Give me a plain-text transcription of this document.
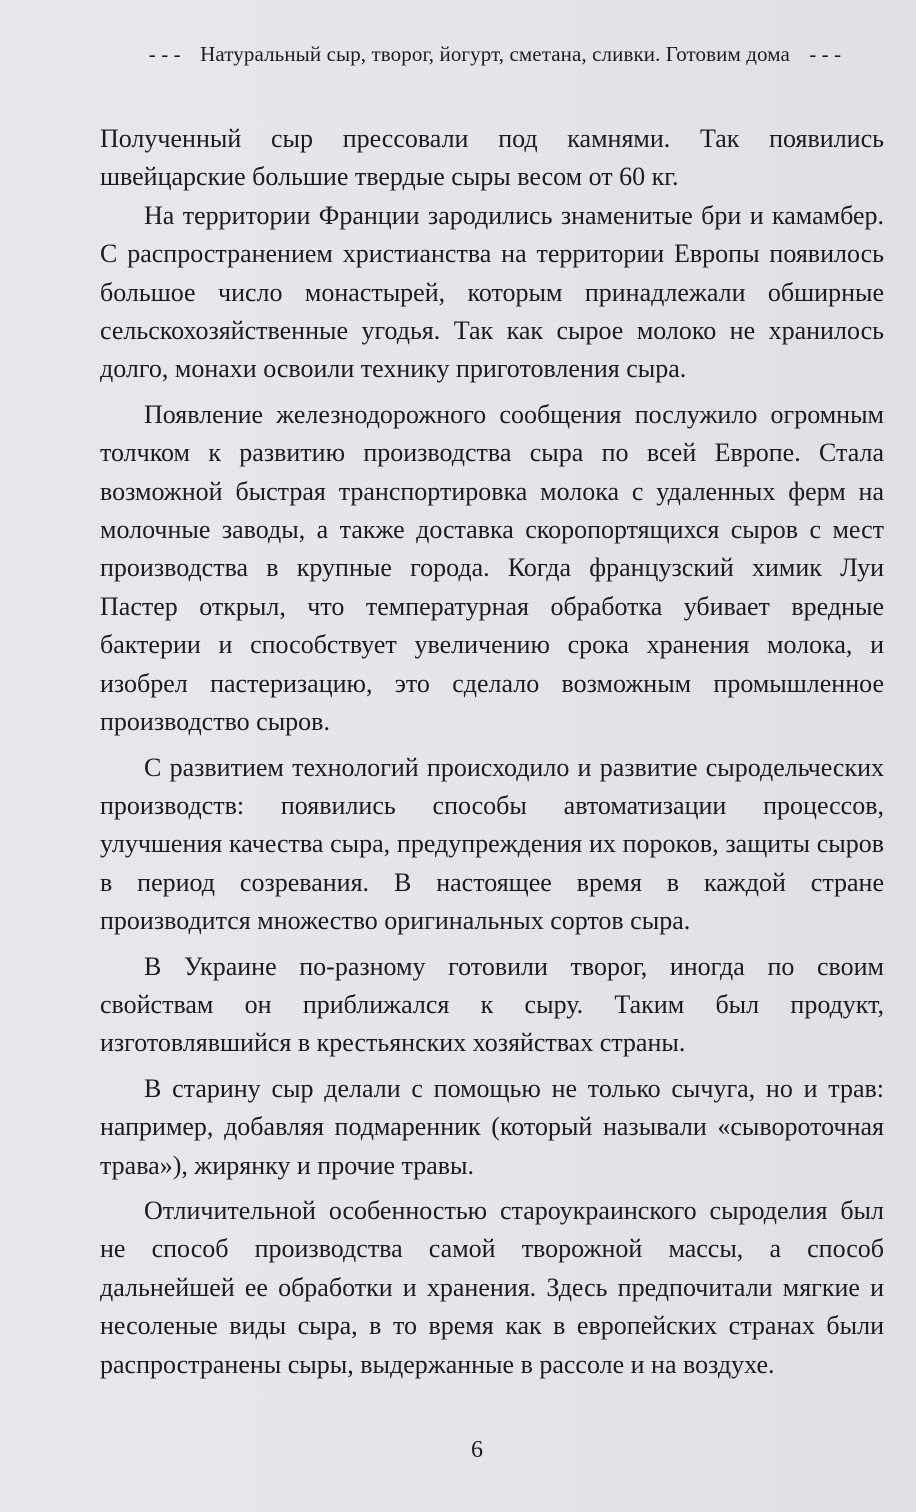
- - - Натуральный сыр, творог, йогурт, сметана, сливки. Готовим дома - - -

Полученный сыр прессовали под камнями. Так появились швейцарские большие твердые сыры весом от 60 кг.

На территории Франции зародились знаменитые бри и камамбер. С распространением христианства на территории Европы появилось большое число монастырей, которым принадлежали обширные сельскохозяйственные угодья. Так как сырое молоко не хранилось долго, монахи освоили технику приготовления сыра.

Появление железнодорожного сообщения послужило огромным толчком к развитию производства сыра по всей Европе. Стала возможной быстрая транспортировка молока с удаленных ферм на молочные заводы, а также доставка скоропортящихся сыров с мест производства в крупные города. Когда французский химик Луи Пастер открыл, что температурная обработка убивает вредные бактерии и способствует увеличению срока хранения молока, и изобрел пастеризацию, это сделало возможным промышленное производство сыров.

С развитием технологий происходило и развитие сыродельческих производств: появились способы автоматизации процессов, улучшения качества сыра, предупреждения их пороков, защиты сыров в период созревания. В настоящее время в каждой стране производится множество оригинальных сортов сыра.

В Украине по-разному готовили творог, иногда по своим свойствам он приближался к сыру. Таким был продукт, изготовлявшийся в крестьянских хозяйствах страны.

В старину сыр делали с помощью не только сычуга, но и трав: например, добавляя подмаренник (который называли «сывороточная трава»), жирянку и прочие травы.

Отличительной особенностью староукраинского сыроделия был не способ производства самой творожной массы, а способ дальнейшей ее обработки и хранения. Здесь предпочитали мягкие и несоленые виды сыра, в то время как в европейских странах были распространены сыры, выдержанные в рассоле и на воздухе.

6
